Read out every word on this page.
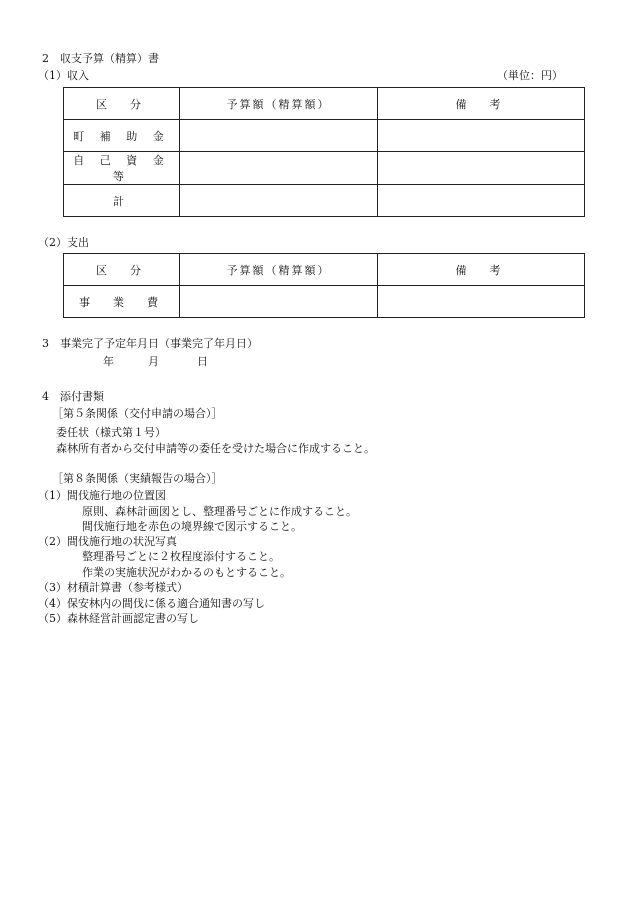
2　収支予算（精算）書
（1）収入	（単位：円）
区　分	予算額（精算額）	備　考
町 補 助 金		
自 己 資 金 等		
計		
（2）支出
区　分	予算額（精算額）	備　考
事　業　費		
3　事業完了予定年月日（事業完了年月日）
年	月	日
4　添付書類
［第５条関係（交付申請の場合）］
委任状（様式第１号）
森林所有者から交付申請等の委任を受けた場合に作成すること。
［第８条関係（実績報告の場合）］
（1）間伐施行地の位置図
原則、森林計画図とし、整理番号ごとに作成すること。
間伐施行地を赤色の境界線で図示すること。
（2）間伐施行地の状況写真
整理番号ごとに２枚程度添付すること。
作業の実施状況がわかるのもとすること。
（3）材積計算書（参考様式）
（4）保安林内の間伐に係る適合通知書の写し
（5）森林経営計画認定書の写し
